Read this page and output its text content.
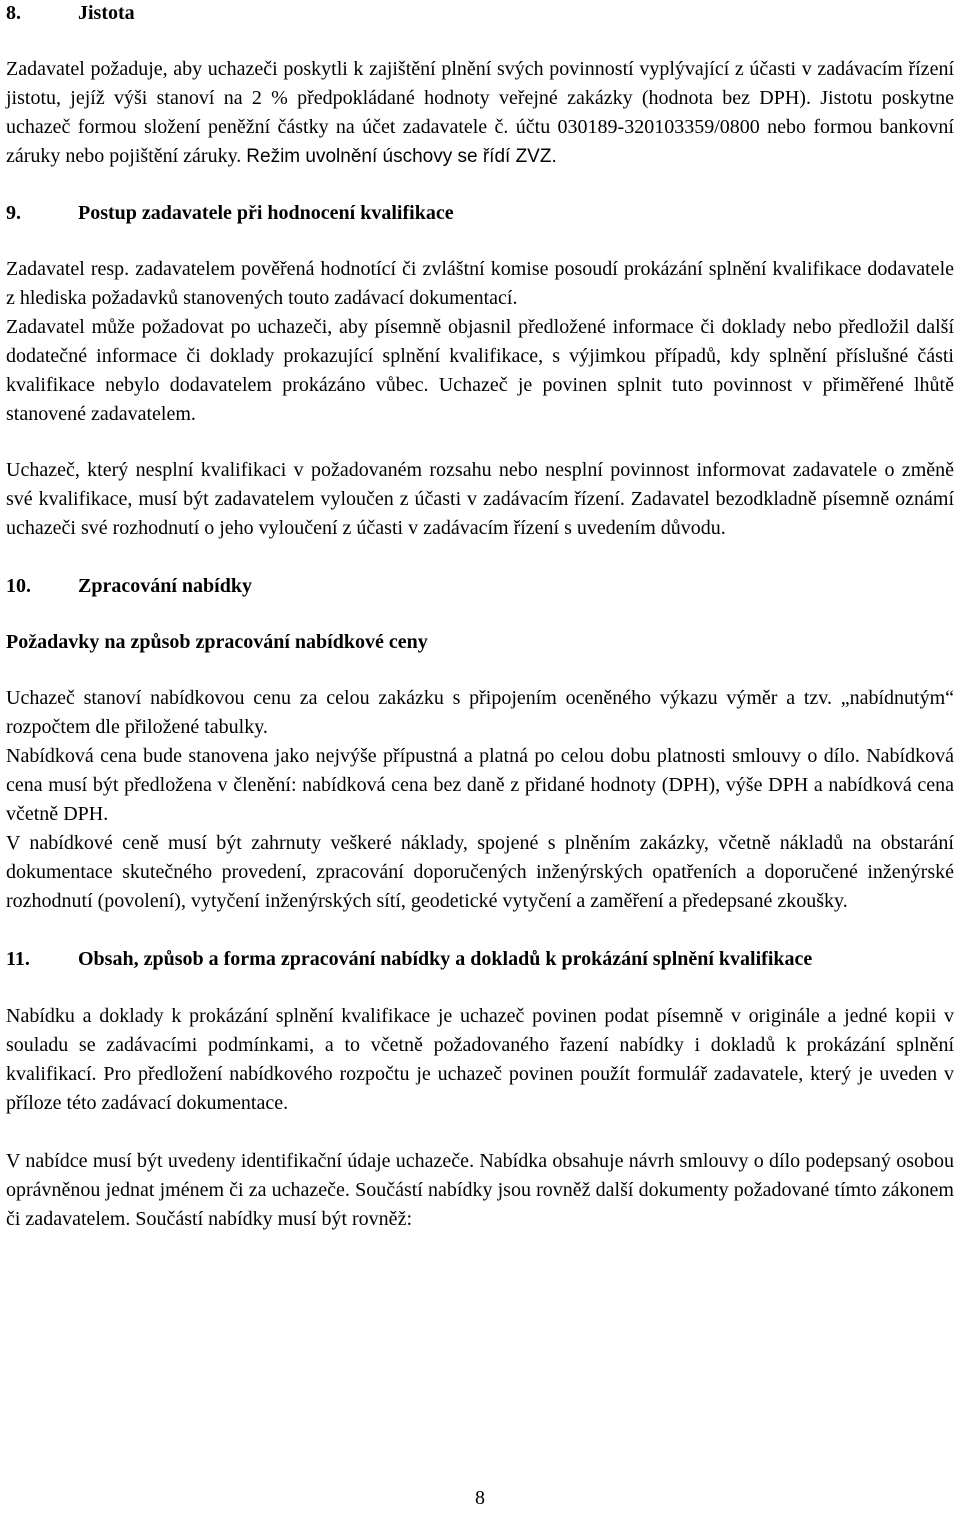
8.	Jistota

Zadavatel požaduje, aby uchazeči poskytli k zajištění plnění svých povinností vyplývající z účasti v zadávacím řízení jistotu, jejíž výši stanoví na 2 % předpokládané hodnoty veřejné zakázky (hodnota bez DPH). Jistotu poskytne uchazeč formou složení peněžní částky na účet zadavatele č. účtu 030189-320103359/0800 nebo formou bankovní záruky nebo pojištění záruky. Režim uvolnění úschovy se řídí ZVZ.

9.	Postup zadavatele při hodnocení kvalifikace

Zadavatel resp. zadavatelem pověřená hodnotící či zvláštní komise posoudí prokázání splnění kvalifikace dodavatele z hlediska požadavků stanovených touto zadávací dokumentací.

Zadavatel může požadovat po uchazeči, aby písemně objasnil předložené informace či doklady nebo předložil další dodatečné informace či doklady prokazující splnění kvalifikace, s výjimkou případů, kdy splnění příslušné části kvalifikace nebylo dodavatelem prokázáno vůbec. Uchazeč je povinen splnit tuto povinnost v přiměřené lhůtě stanovené zadavatelem.

Uchazeč, který nesplní kvalifikaci v požadovaném rozsahu nebo nesplní povinnost informovat zadavatele o změně své kvalifikace, musí být zadavatelem vyloučen z účasti v zadávacím řízení. Zadavatel bezodkladně písemně oznámí uchazeči své rozhodnutí o jeho vyloučení z účasti v zadávacím řízení s uvedením důvodu.

10.	Zpracování nabídky

Požadavky na způsob zpracování nabídkové ceny

Uchazeč stanoví nabídkovou cenu za celou zakázku s připojením oceněného výkazu výměr a tzv. „nabídnutým“ rozpočtem dle přiložené tabulky.

Nabídková cena bude stanovena jako nejvýše přípustná a platná po celou dobu platnosti smlouvy o dílo. Nabídková cena musí být předložena v členění: nabídková cena bez daně z přidané hodnoty (DPH), výše DPH a nabídková cena včetně DPH.

V nabídkové ceně musí být zahrnuty veškeré náklady, spojené s plněním zakázky, včetně nákladů na obstarání dokumentace skutečného provedení, zpracování doporučených inženýrských opatřeních a doporučené inženýrské rozhodnutí (povolení), vytyčení inženýrských sítí, geodetické vytyčení a zaměření a předepsané zkoušky.

11. Obsah, způsob a forma zpracování nabídky a dokladů k prokázání splnění kvalifikace

Nabídku a doklady k prokázání splnění kvalifikace je uchazeč povinen podat písemně v originále a jedné kopii v souladu se zadávacími podmínkami, a to včetně požadovaného řazení nabídky i dokladů k prokázání splnění kvalifikací. Pro předložení nabídkového rozpočtu je uchazeč povinen použít formulář zadavatele, který je uveden v příloze této zadávací dokumentace.

V nabídce musí být uvedeny identifikační údaje uchazeče. Nabídka obsahuje návrh smlouvy o dílo podepsaný osobou oprávněnou jednat jménem či za uchazeče. Součástí nabídky jsou rovněž další dokumenty požadované tímto zákonem či zadavatelem. Součástí nabídky musí být rovněž:

8
